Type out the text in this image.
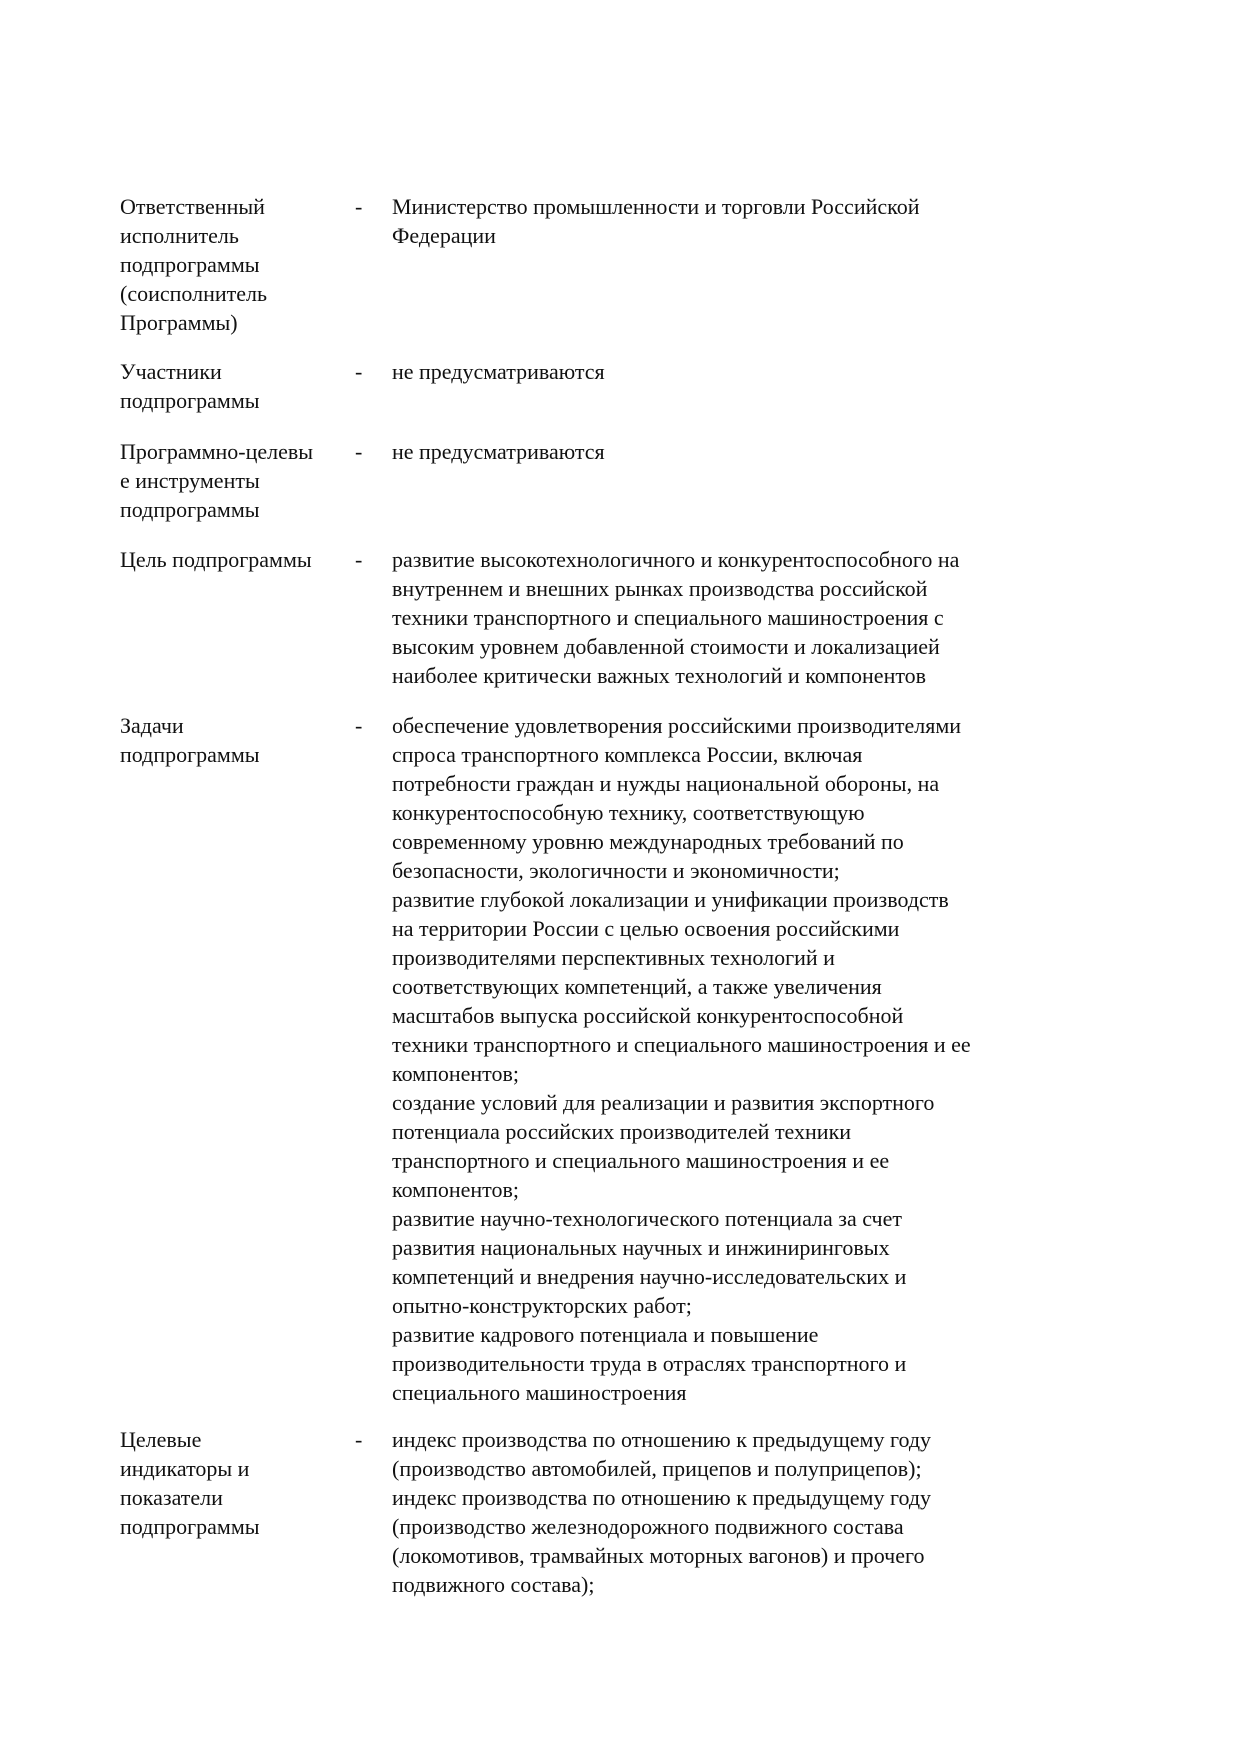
Ответственный
исполнитель
подпрограммы
(соисполнитель
Программы)
- Министерство промышленности и торговли Российской
Федерации
Участники
подпрограммы
- не предусматриваются
Программно-целевы
е инструменты
подпрограммы
- не предусматриваются
Цель подпрограммы	- развитие высокотехнологичного и конкурентоспособного на
внутреннем и внешних рынках производства российской
техники транспортного и специального машиностроения с
высоким уровнем добавленной стоимости и локализацией
наиболее критически важных технологий и компонентов
Задачи
подпрограммы
- обеспечение удовлетворения российскими производителями
спроса транспортного комплекса России, включая
потребности граждан и нужды национальной обороны, на
конкурентоспособную технику, соответствующую
современному уровню международных требований по
безопасности, экологичности и экономичности;
развитие глубокой локализации и унификации производств
на территории России с целью освоения российскими
производителями перспективных технологий и
соответствующих компетенций, а также увеличения
масштабов выпуска российской конкурентоспособной
техники транспортного и специального машиностроения и ее
компонентов;
создание условий для реализации и развития экспортного
потенциала российских производителей техники
транспортного и специального машиностроения и ее
компонентов;
развитие научно-технологического потенциала за счет
развития национальных научных и инжиниринговых
компетенций и внедрения научно-исследовательских и
опытно-конструкторских работ;
развитие кадрового потенциала и повышение
производительности труда в отраслях транспортного и
специального машиностроения
Целевые
индикаторы и
показатели
подпрограммы
- индекс производства по отношению к предыдущему году
(производство автомобилей, прицепов и полуприцепов);
индекс производства по отношению к предыдущему году
(производство железнодорожного подвижного состава
(локомотивов, трамвайных моторных вагонов) и прочего
подвижного состава);
